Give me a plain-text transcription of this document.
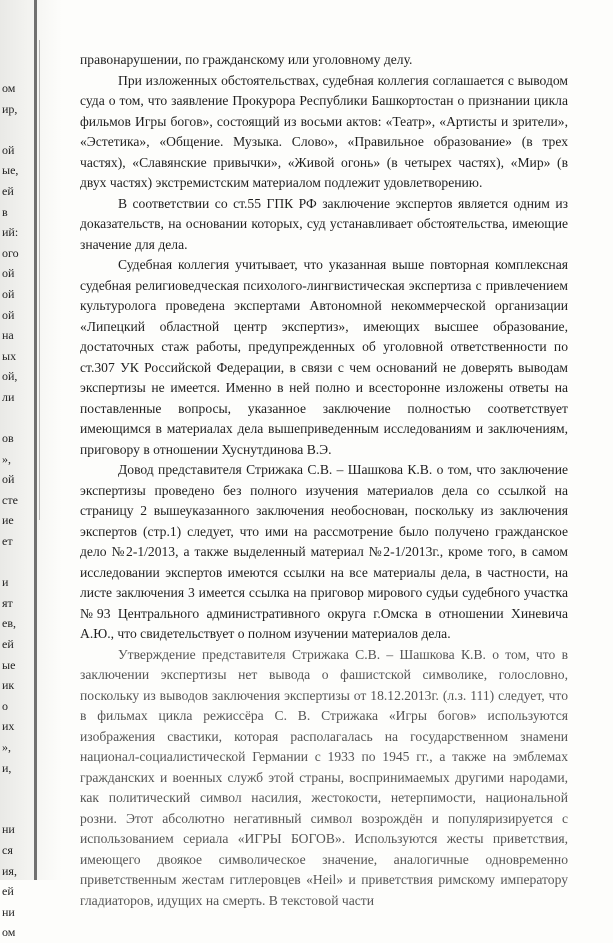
ом
ир,
ой
ые,
ей
в
ий:
ого
ой
ой
ой
на
ых
ой,
ли
ов
»,
ой
сте
ие
ет
и
ят
ев,
ей
ые
ик
о
их
»,
и,
ни
ся
ия,
ей
ни
ом

правонарушении, по гражданскому или уголовному делу.

При изложенных обстоятельствах, судебная коллегия соглашается с выводом суда о том, что заявление Прокурора Республики Башкортостан о признании цикла фильмов Игры богов», состоящий из восьми актов: «Театр», «Артисты и зрители», «Эстетика», «Общение. Музыка. Слово», «Правильное образование» (в трех частях), «Славянские привычки», «Живой огонь» (в четырех частях), «Мир» (в двух частях) экстремистским материалом подлежит удовлетворению.

В соответствии со ст.55 ГПК РФ заключение экспертов является одним из доказательств, на основании которых, суд устанавливает обстоятельства, имеющие значение для дела.

Судебная коллегия учитывает, что указанная выше повторная комплексная судебная религиоведческая психолого-лингвистическая экспертиза с привлечением культуролога проведена экспертами Автономной некоммерческой организации «Липецкий областной центр экспертиз», имеющих высшее образование, достаточных стаж работы, предупрежденных об уголовной ответственности по ст.307 УК Российской Федерации, в связи с чем оснований не доверять выводам экспертизы не имеется. Именно в ней полно и всесторонне изложены ответы на поставленные вопросы, указанное заключение полностью соответствует имеющимся в материалах дела вышеприведенным исследованиям и заключениям, приговору в отношении Хуснутдинова В.Э.

Довод представителя Стрижака С.В. – Шашкова К.В. о том, что заключение экспертизы проведено без полного изучения материалов дела со ссылкой на страницу 2 вышеуказанного заключения необоснован, поскольку из заключения экспертов (стр.1) следует, что ими на рассмотрение было получено гражданское дело №2-1/2013, а также выделенный материал №2-1/2013г., кроме того, в самом исследовании экспертов имеются ссылки на все материалы дела, в частности, на листе заключения 3 имеется ссылка на приговор мирового судьи судебного участка №93 Центрального административного округа г.Омска в отношении Хиневича А.Ю., что свидетельствует о полном изучении материалов дела.

Утверждение представителя Стрижака С.В. – Шашкова К.В. о том, что в заключении экспертизы нет вывода о фашистской символике, голословно, поскольку из выводов заключения экспертизы от 18.12.2013г. (л.з. 111) следует, что в фильмах цикла режиссёра С. В. Стрижака «Игры богов» используются изображения свастики, которая располагалась на государственном знамени национал-социалистической Германии с 1933 по 1945 гг., а также на эмблемах гражданских и военных служб этой страны, воспринимаемых другими народами, как политический символ насилия, жестокости, нетерпимости, национальной розни. Этот абсолютно негативный символ возрождён и популяризируется с использованием сериала «ИГРЫ БОГОВ». Используются жесты приветствия, имеющего двоякое символическое значение, аналогичные одновременно приветственным жестам гитлеровцев «Heil» и приветствия римскому императору гладиаторов, идущих на смерть. В текстовой части
